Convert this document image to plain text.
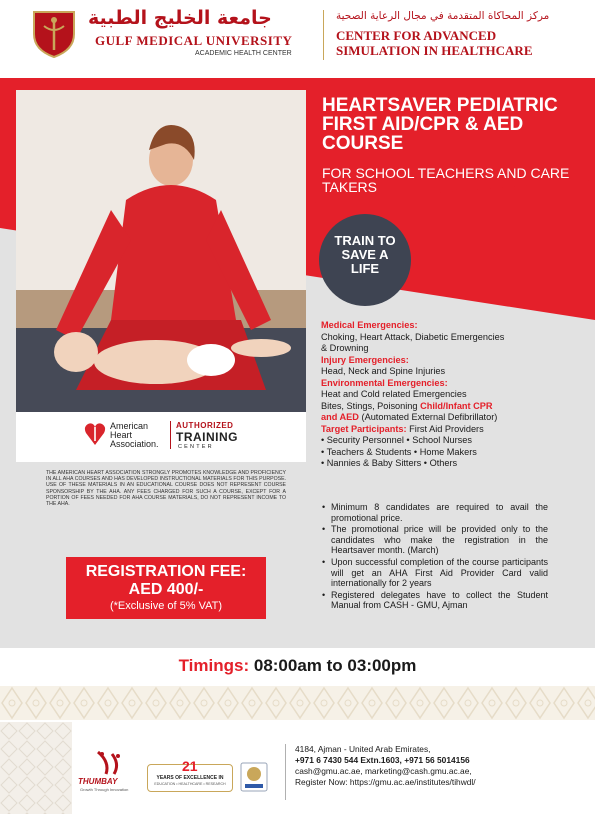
جامعة الخليج الطبية
GULF MEDICAL UNIVERSITY
ACADEMIC HEALTH CENTER
مركز المحاكاة المتقدمة في مجال الرعاية الصحية
CENTER FOR ADVANCED
SIMULATION IN HEALTHCARE
American
Heart
Association.
AUTHORIZED
TRAINING
CENTER
THE AMERICAN HEART ASSOCIATION STRONGLY PROMOTES KNOWLEDGE AND PROFICIENCY IN ALL AHA COURSES AND HAS DEVELOPED INSTRUCTIONAL MATERIALS FOR THIS PURPOSE. USE OF THESE MATERIALS IN AN EDUCATIONAL COURSE DOES NOT REPRESENT COURSE SPONSORSHIP BY THE AHA. ANY FEES CHARGED FOR SUCH A COURSE, EXCEPT FOR A PORTION OF FEES NEEDED FOR AHA COURSE MATERIALS, DO NOT REPRESENT INCOME TO THE AHA.
REGISTRATION FEE:
AED 400/-
(*Exclusive of 5% VAT)
HEARTSAVER PEDIATRIC FIRST AID/CPR & AED COURSE
FOR SCHOOL TEACHERS AND CARE TAKERS
TRAIN TO SAVE A LIFE
Medical Emergencies:
Choking, Heart Attack, Diabetic Emergencies
& Drowning
Injury Emergencies:
Head, Neck and Spine Injuries
Environmental Emergencies:
Heat and Cold related Emergencies
Bites, Stings, Poisoning Child/Infant CPR
and AED (Automated External Defibrillator)
Target Participants: First Aid Providers
• Security Personnel • School Nurses
• Teachers & Students • Home Makers
• Nannies & Baby Sitters • Others
• Minimum 8 candidates are required to avail the promotional price.
• The promotional price will be provided only to the candidates who make the registration in the Heartsaver month. (March)
• Upon successful completion of the course participants will get an AHA First Aid Provider Card valid internationally for 2 years
• Registered delegates have to collect the Student Manual from CASH - GMU, Ajman
Timings: 08:00am to 03:00pm
THUMBAY
Growth Through Innovation
21
YEARS OF EXCELLENCE IN
EDUCATION • HEALTHCARE • RESEARCH
4184, Ajman - United Arab Emirates,
+971 6 7430 544 Extn.1603, +971 56 5014156
cash@gmu.ac.ae, marketing@cash.gmu.ac.ae,
Register Now: https://gmu.ac.ae/institutes/tihwdl/
